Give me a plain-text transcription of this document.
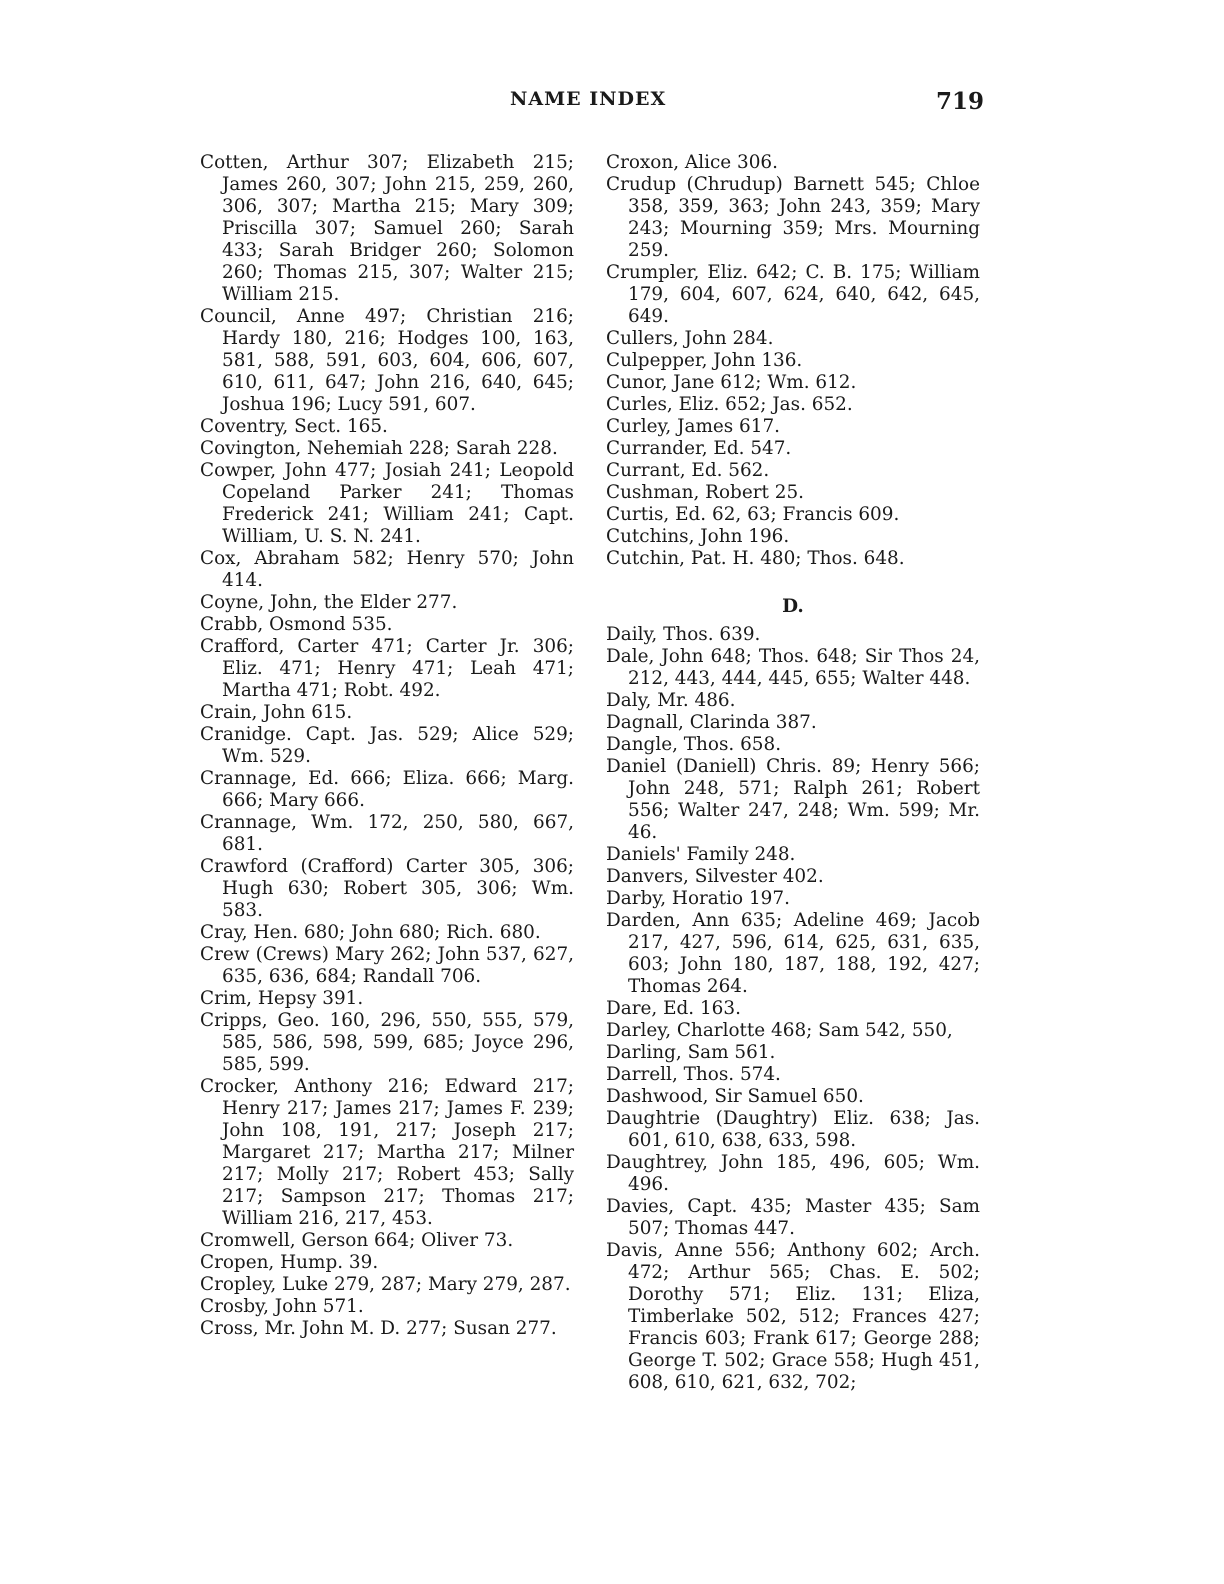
NAME INDEX	719

Cotten, Arthur 307; Elizabeth 215; James 260, 307; John 215, 259, 260, 306, 307; Martha 215; Mary 309; Priscilla 307; Samuel 260; Sarah 433; Sarah Bridger 260; Solomon 260; Thomas 215, 307; Walter 215; William 215.

Council, Anne 497; Christian 216; Hardy 180, 216; Hodges 100, 163, 581, 588, 591, 603, 604, 606, 607, 610, 611, 647; John 216, 640, 645; Joshua 196; Lucy 591, 607.

Coventry, Sect. 165.

Covington, Nehemiah 228; Sarah 228.

Cowper, John 477; Josiah 241; Leopold Copeland Parker 241; Thomas Frederick 241; William 241; Capt. William, U. S. N. 241.

Cox, Abraham 582; Henry 570; John 414.

Coyne, John, the Elder 277.

Crabb, Osmond 535.

Crafford, Carter 471; Carter Jr. 306; Eliz. 471; Henry 471; Leah 471; Martha 471; Robt. 492.

Crain, John 615.

Cranidge. Capt. Jas. 529; Alice 529; Wm. 529.

Crannage, Ed. 666; Eliza. 666; Marg. 666; Mary 666.

Crannage, Wm. 172, 250, 580, 667, 681.

Crawford (Crafford) Carter 305, 306; Hugh 630; Robert 305, 306; Wm. 583.

Cray, Hen. 680; John 680; Rich. 680.

Crew (Crews) Mary 262; John 537, 627, 635, 636, 684; Randall 706.

Crim, Hepsy 391.

Cripps, Geo. 160, 296, 550, 555, 579, 585, 586, 598, 599, 685; Joyce 296, 585, 599.

Crocker, Anthony 216; Edward 217; Henry 217; James 217; James F. 239; John 108, 191, 217; Joseph 217; Margaret 217; Martha 217; Milner 217; Molly 217; Robert 453; Sally 217; Sampson 217; Thomas 217; William 216, 217, 453.

Cromwell, Gerson 664; Oliver 73.

Cropen, Hump. 39.

Cropley, Luke 279, 287; Mary 279, 287.

Crosby, John 571.

Cross, Mr. John M. D. 277; Susan 277.

Croxon, Alice 306.

Crudup (Chrudup) Barnett 545; Chloe 358, 359, 363; John 243, 359; Mary 243; Mourning 359; Mrs. Mourning 259.

Crumpler, Eliz. 642; C. B. 175; William 179, 604, 607, 624, 640, 642, 645, 649.

Cullers, John 284.

Culpepper, John 136.

Cunor, Jane 612; Wm. 612.

Curles, Eliz. 652; Jas. 652.

Curley, James 617.

Currander, Ed. 547.

Currant, Ed. 562.

Cushman, Robert 25.

Curtis, Ed. 62, 63; Francis 609.

Cutchins, John 196.

Cutchin, Pat. H. 480; Thos. 648.

D.

Daily, Thos. 639.

Dale, John 648; Thos. 648; Sir Thos 24, 212, 443, 444, 445, 655; Walter 448.

Daly, Mr. 486.

Dagnall, Clarinda 387.

Dangle, Thos. 658.

Daniel (Daniell) Chris. 89; Henry 566; John 248, 571; Ralph 261; Robert 556; Walter 247, 248; Wm. 599; Mr. 46.

Daniels' Family 248.

Danvers, Silvester 402.

Darby, Horatio 197.

Darden, Ann 635; Adeline 469; Jacob 217, 427, 596, 614, 625, 631, 635, 603; John 180, 187, 188, 192, 427; Thomas 264.

Dare, Ed. 163.

Darley, Charlotte 468; Sam 542, 550,

Darling, Sam 561.

Darrell, Thos. 574.

Dashwood, Sir Samuel 650.

Daughtrie (Daughtry) Eliz. 638; Jas. 601, 610, 638, 633, 598.

Daughtrey, John 185, 496, 605; Wm. 496.

Davies, Capt. 435; Master 435; Sam 507; Thomas 447.

Davis, Anne 556; Anthony 602; Arch. 472; Arthur 565; Chas. E. 502; Dorothy 571; Eliz. 131; Eliza, Timberlake 502, 512; Frances 427; Francis 603; Frank 617; George 288; George T. 502; Grace 558; Hugh 451, 608, 610, 621, 632, 702;
